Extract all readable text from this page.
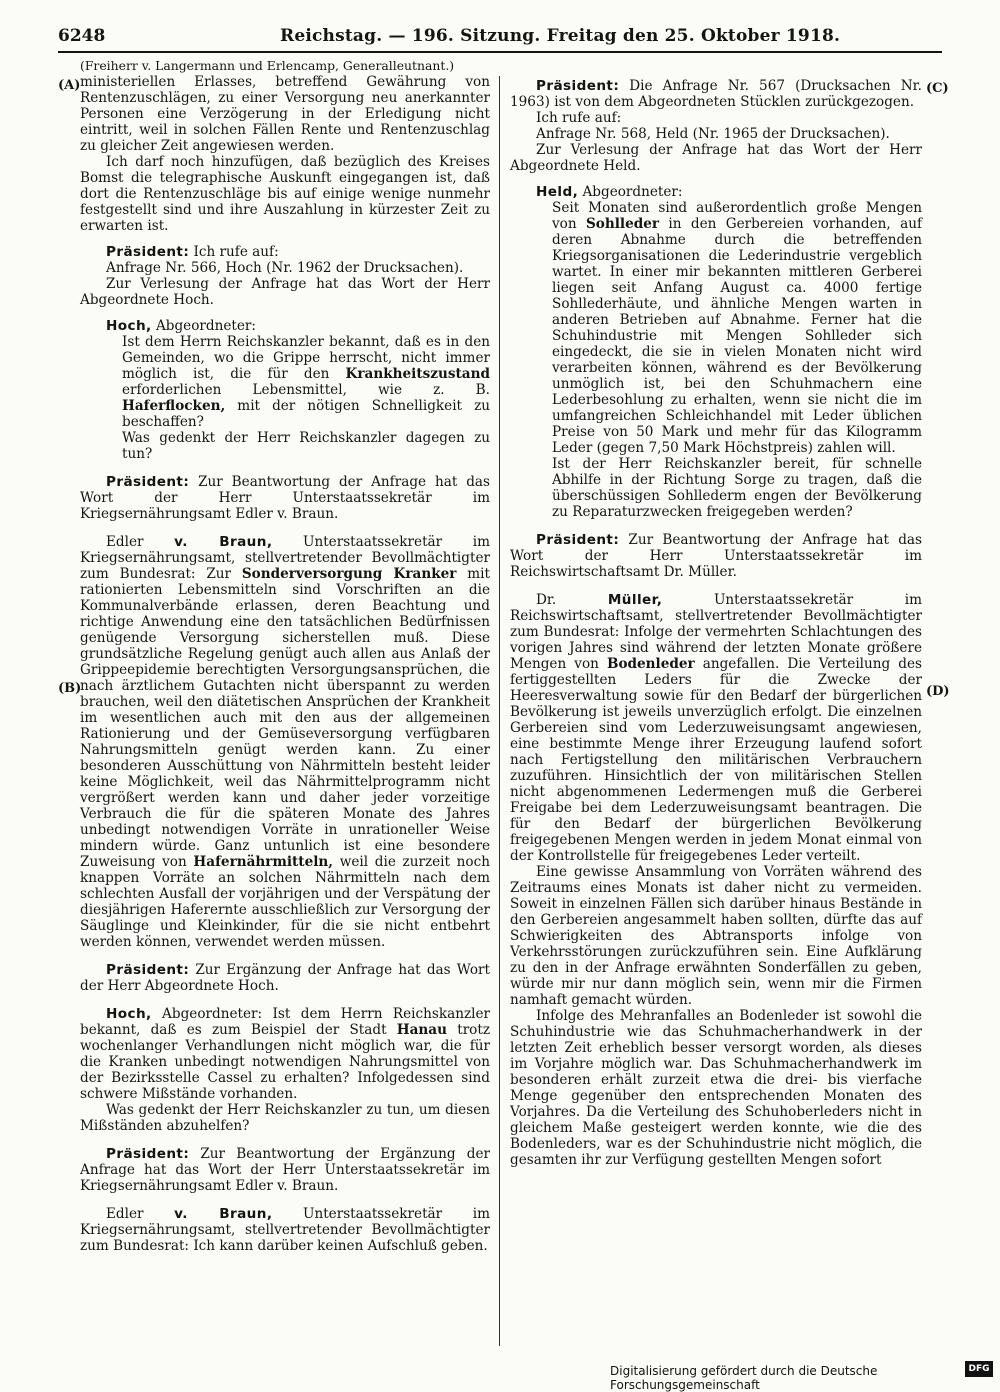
6248	Reichstag. — 196. Sitzung. Freitag den 25. Oktober 1918.
(A)
(B)
(C)
(D)

(Freiherr v. Langermann und Erlencamp, Generalleutnant.)

ministeriellen Erlasses, betreffend Gewährung von Rentenzuschlägen, zu einer Versorgung neu anerkannter Personen eine Verzögerung in der Erledigung nicht eintritt, weil in solchen Fällen Rente und Rentenzuschlag zu gleicher Zeit angewiesen werden.

Ich darf noch hinzufügen, daß bezüglich des Kreises Bomst die telegraphische Auskunft eingegangen ist, daß dort die Rentenzuschläge bis auf einige wenige nunmehr festgestellt sind und ihre Auszahlung in kürzester Zeit zu erwarten ist.

Präsident: Ich rufe auf:

Anfrage Nr. 566, Hoch (Nr. 1962 der Drucksachen).

Zur Verlesung der Anfrage hat das Wort der Herr Abgeordnete Hoch.

Hoch, Abgeordneter:

Ist dem Herrn Reichskanzler bekannt, daß es in den Gemeinden, wo die Grippe herrscht, nicht immer möglich ist, die für den Krankheitszustand erforderlichen Lebensmittel, wie z. B. Haferflocken, mit der nötigen Schnelligkeit zu beschaffen?

Was gedenkt der Herr Reichskanzler dagegen zu tun?

Präsident: Zur Beantwortung der Anfrage hat das Wort der Herr Unterstaatssekretär im Kriegsernährungsamt Edler v. Braun.

Edler v. Braun, Unterstaatssekretär im Kriegsernährungsamt, stellvertretender Bevollmächtigter zum Bundesrat: Zur Sonderversorgung Kranker mit rationierten Lebensmitteln sind Vorschriften an die Kommunalverbände erlassen, deren Beachtung und richtige Anwendung eine den tatsächlichen Bedürfnissen genügende Versorgung sicherstellen muß. Diese grundsätzliche Regelung genügt auch allen aus Anlaß der Grippeepidemie berechtigten Versorgungsansprüchen, die nach ärztlichem Gutachten nicht überspannt zu werden brauchen, weil den diätetischen Ansprüchen der Krankheit im wesentlichen auch mit den aus der allgemeinen Rationierung und der Gemüseversorgung verfügbaren Nahrungsmitteln genügt werden kann. Zu einer besonderen Ausschüttung von Nährmitteln besteht leider keine Möglichkeit, weil das Nährmittelprogramm nicht vergrößert werden kann und daher jeder vorzeitige Verbrauch die für die späteren Monate des Jahres unbedingt notwendigen Vorräte in unrationeller Weise mindern würde. Ganz untunlich ist eine besondere Zuweisung von Hafernährmitteln, weil die zurzeit noch knappen Vorräte an solchen Nährmitteln nach dem schlechten Ausfall der vorjährigen und der Verspätung der diesjährigen Haferernte ausschließlich zur Versorgung der Säuglinge und Kleinkinder, für die sie nicht entbehrt werden können, verwendet werden müssen.

Präsident: Zur Ergänzung der Anfrage hat das Wort der Herr Abgeordnete Hoch.

Hoch, Abgeordneter: Ist dem Herrn Reichskanzler bekannt, daß es zum Beispiel der Stadt Hanau trotz wochenlanger Verhandlungen nicht möglich war, die für die Kranken unbedingt notwendigen Nahrungsmittel von der Bezirksstelle Cassel zu erhalten? Infolgedessen sind schwere Mißstände vorhanden.

Was gedenkt der Herr Reichskanzler zu tun, um diesen Mißständen abzuhelfen?

Präsident: Zur Beantwortung der Ergänzung der Anfrage hat das Wort der Herr Unterstaatssekretär im Kriegsernährungsamt Edler v. Braun.

Edler v. Braun, Unterstaatssekretär im Kriegsernährungsamt, stellvertretender Bevollmächtigter zum Bundesrat: Ich kann darüber keinen Aufschluß geben.

Präsident: Die Anfrage Nr. 567 (Drucksachen Nr. 1963) ist von dem Abgeordneten Stücklen zurückgezogen.

Ich rufe auf:

Anfrage Nr. 568, Held (Nr. 1965 der Drucksachen).

Zur Verlesung der Anfrage hat das Wort der Herr Abgeordnete Held.

Held, Abgeordneter:

Seit Monaten sind außerordentlich große Mengen von Sohlleder in den Gerbereien vorhanden, auf deren Abnahme durch die betreffenden Kriegsorganisationen die Lederindustrie vergeblich wartet. In einer mir bekannten mittleren Gerberei liegen seit Anfang August ca. 4000 fertige Sohllederhäute, und ähnliche Mengen warten in anderen Betrieben auf Abnahme. Ferner hat die Schuhindustrie mit Mengen Sohlleder sich eingedeckt, die sie in vielen Monaten nicht wird verarbeiten können, während es der Bevölkerung unmöglich ist, bei den Schuhmachern eine Lederbesohlung zu erhalten, wenn sie nicht die im umfangreichen Schleichhandel mit Leder üblichen Preise von 50 Mark und mehr für das Kilogramm Leder (gegen 7,50 Mark Höchstpreis) zahlen will.

Ist der Herr Reichskanzler bereit, für schnelle Abhilfe in der Richtung Sorge zu tragen, daß die überschüssigen Sohllederm engen der Bevölkerung zu Reparaturzwecken freigegeben werden?

Präsident: Zur Beantwortung der Anfrage hat das Wort der Herr Unterstaatssekretär im Reichswirtschaftsamt Dr. Müller.

Dr. Müller, Unterstaatssekretär im Reichswirtschaftsamt, stellvertretender Bevollmächtigter zum Bundesrat: Infolge der vermehrten Schlachtungen des vorigen Jahres sind während der letzten Monate größere Mengen von Bodenleder angefallen. Die Verteilung des fertiggestellten Leders für die Zwecke der Heeresverwaltung sowie für den Bedarf der bürgerlichen Bevölkerung ist jeweils unverzüglich erfolgt. Die einzelnen Gerbereien sind vom Lederzuweisungsamt angewiesen, eine bestimmte Menge ihrer Erzeugung laufend sofort nach Fertigstellung den militärischen Verbrauchern zuzuführen. Hinsichtlich der von militärischen Stellen nicht abgenommenen Ledermengen muß die Gerberei Freigabe bei dem Lederzuweisungsamt beantragen. Die für den Bedarf der bürgerlichen Bevölkerung freigegebenen Mengen werden in jedem Monat einmal von der Kontrollstelle für freigegebenes Leder verteilt.

Eine gewisse Ansammlung von Vorräten während des Zeitraums eines Monats ist daher nicht zu vermeiden. Soweit in einzelnen Fällen sich darüber hinaus Bestände in den Gerbereien angesammelt haben sollten, dürfte das auf Schwierigkeiten des Abtransports infolge von Verkehrsstörungen zurückzuführen sein. Eine Aufklärung zu den in der Anfrage erwähnten Sonderfällen zu geben, würde mir nur dann möglich sein, wenn mir die Firmen namhaft gemacht würden.

Infolge des Mehranfalles an Bodenleder ist sowohl die Schuhindustrie wie das Schuhmacherhandwerk in der letzten Zeit erheblich besser versorgt worden, als dieses im Vorjahre möglich war. Das Schuhmacherhandwerk im besonderen erhält zurzeit etwa die drei- bis vierfache Menge gegenüber den entsprechenden Monaten des Vorjahres. Da die Verteilung des Schuhoberleders nicht in gleichem Maße gesteigert werden konnte, wie die des Bodenleders, war es der Schuhindustrie nicht möglich, die gesamten ihr zur Verfügung gestellten Mengen sofort

Digitalisierung gefördert durch die Deutsche Forschungsgemeinschaft
DFG
